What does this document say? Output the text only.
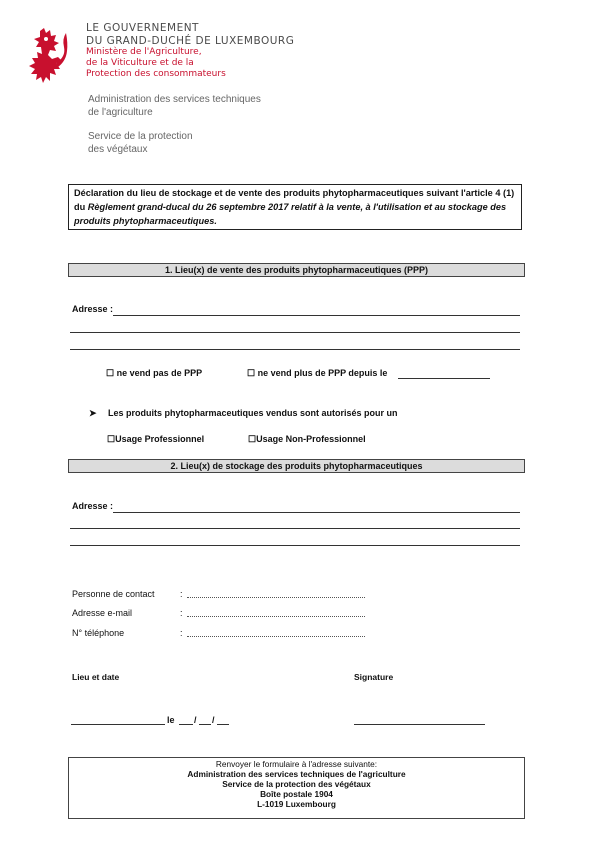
LE GOUVERNEMENT
DU GRAND-DUCHÉ DE LUXEMBOURG
Ministère de l'Agriculture,
de la Viticulture et de la
Protection des consommateurs
Administration des services techniques
de l'agriculture
Service de la protection
des végétaux
Déclaration du lieu de stockage et de vente des produits phytopharmaceutiques suivant l'article 4 (1) du Règlement grand-ducal du 26 septembre 2017 relatif à la vente, à l'utilisation et au stockage des produits phytopharmaceutiques.
1. Lieu(x) de vente des produits phytopharmaceutiques (PPP)
Adresse :
☐ ne vend pas de PPP	☐ ne vend plus de PPP depuis le
➤ Les produits phytopharmaceutiques vendus sont autorisés pour un
☐Usage Professionnel	☐Usage Non-Professionnel
2. Lieu(x) de stockage des produits phytopharmaceutiques
Adresse :
Personne de contact	:
Adresse e-mail	:
N° téléphone	:
Lieu et date	Signature
le / /
Renvoyer le formulaire à l'adresse suivante:
Administration des services techniques de l'agriculture
Service de la protection des végétaux
Boîte postale 1904
L-1019 Luxembourg
